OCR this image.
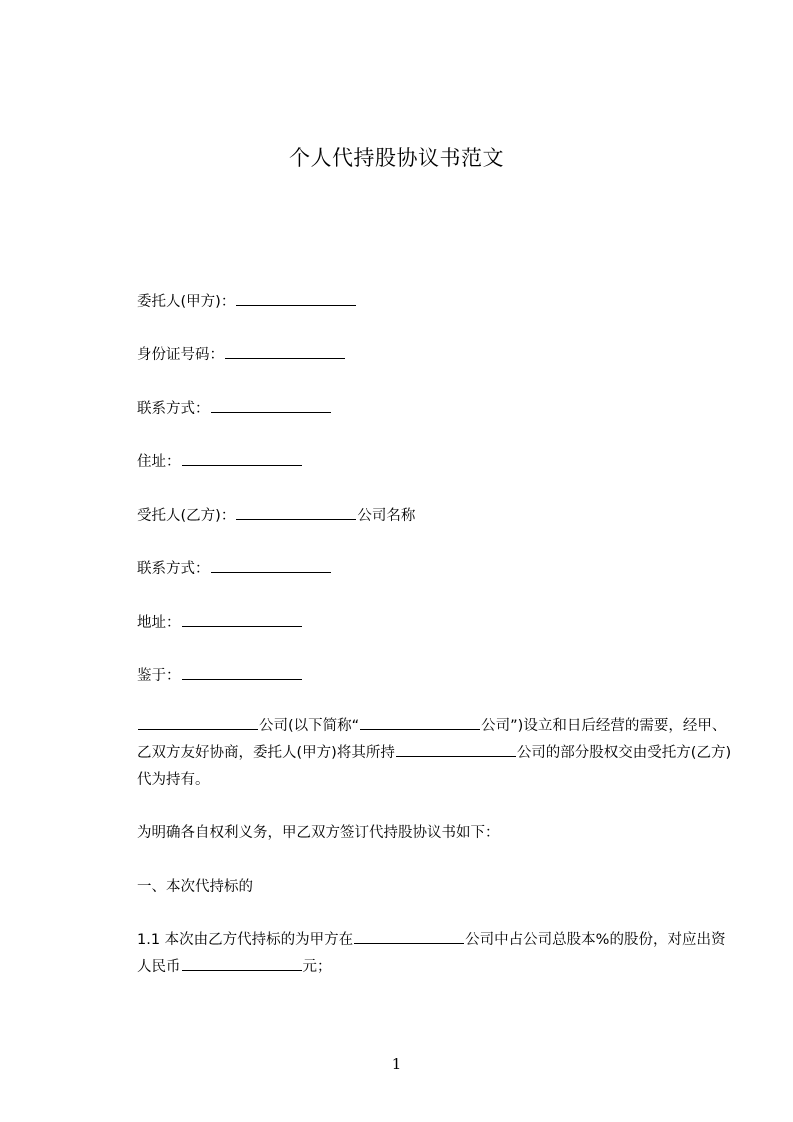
个人代持股协议书范文
委托人(甲方)：
身份证号码：
联系方式：
住址：
受托人(乙方)：	公司名称
联系方式：
地址：
鉴于：
公司(以下简称“	公司”)设立和日后经营的需要，经甲、乙双方友好协商，委托人(甲方)将其所持	公司的部分股权交由受托方(乙方)代为持有。
为明确各自权利义务，甲乙双方签订代持股协议书如下：
一、本次代持标的
1.1 本次由乙方代持标的为甲方在	公司中占公司总股本%的股份，对应出资人民币	元；
1
